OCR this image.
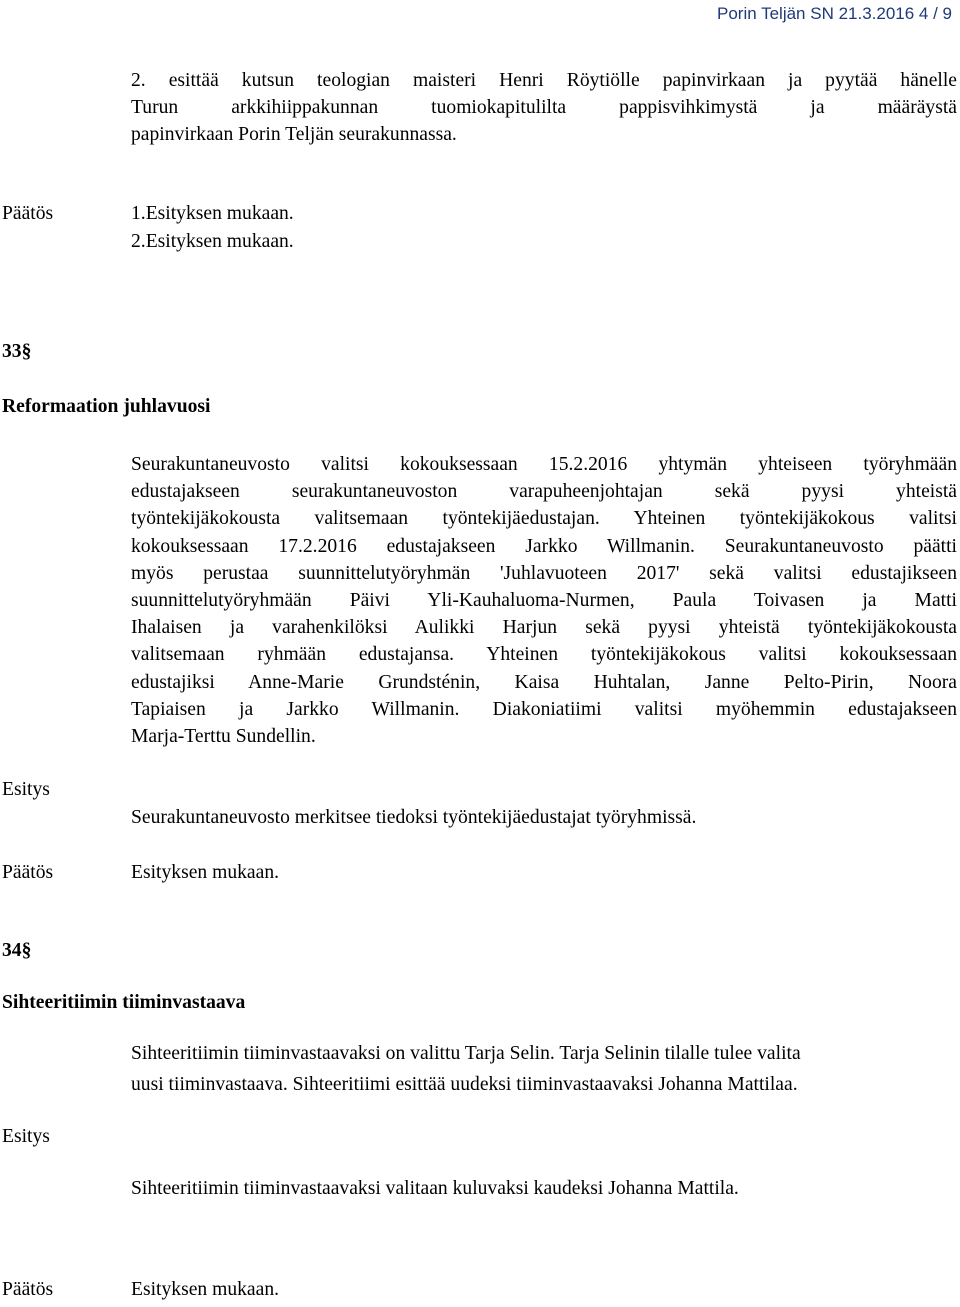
Porin Teljän SN 21.3.2016 4 / 9
2. esittää kutsun teologian maisteri Henri Röytiölle papinvirkaan ja pyytää hänelle
Turun arkkihiippakunnan tuomiokapitulilta pappisvihkimystä ja määräystä
papinvirkaan Porin Teljän seurakunnassa.
Päätös	1.Esityksen mukaan.
2.Esityksen mukaan.
33§
Reformaation juhlavuosi
Seurakuntaneuvosto valitsi kokouksessaan 15.2.2016 yhtymän yhteiseen työryhmään
edustajakseen seurakuntaneuvoston varapuheenjohtajan sekä pyysi yhteistä
työntekijäkokousta valitsemaan työntekijäedustajan. Yhteinen työntekijäkokous valitsi
kokouksessaan 17.2.2016 edustajakseen Jarkko Willmanin. Seurakuntaneuvosto päätti
myös perustaa suunnittelutyöryhmän 'Juhlavuoteen 2017' sekä valitsi edustajikseen
suunnittelutyöryhmään Päivi Yli-Kauhaluoma-Nurmen, Paula Toivasen ja Matti
Ihalaisen ja varahenkilöksi Aulikki Harjun sekä pyysi yhteistä työntekijäkokousta
valitsemaan ryhmään edustajansa. Yhteinen työntekijäkokous valitsi kokouksessaan
edustajiksi Anne-Marie Grundsténin, Kaisa Huhtalan, Janne Pelto-Pirin, Noora
Tapiaisen ja Jarkko Willmanin. Diakoniatiimi valitsi myöhemmin edustajakseen
Marja-Terttu Sundellin.
Esitys
Seurakuntaneuvosto merkitsee tiedoksi työntekijäedustajat työryhmissä.
Päätös	Esityksen mukaan.
34§
Sihteeritiimin tiiminvastaava
Sihteeritiimin tiiminvastaavaksi on valittu Tarja Selin. Tarja Selinin tilalle tulee valita
uusi tiiminvastaava. Sihteeritiimi esittää uudeksi tiiminvastaavaksi Johanna Mattilaa.
Esitys
Sihteeritiimin tiiminvastaavaksi valitaan kuluvaksi kaudeksi Johanna Mattila.
Päätös	Esityksen mukaan.
